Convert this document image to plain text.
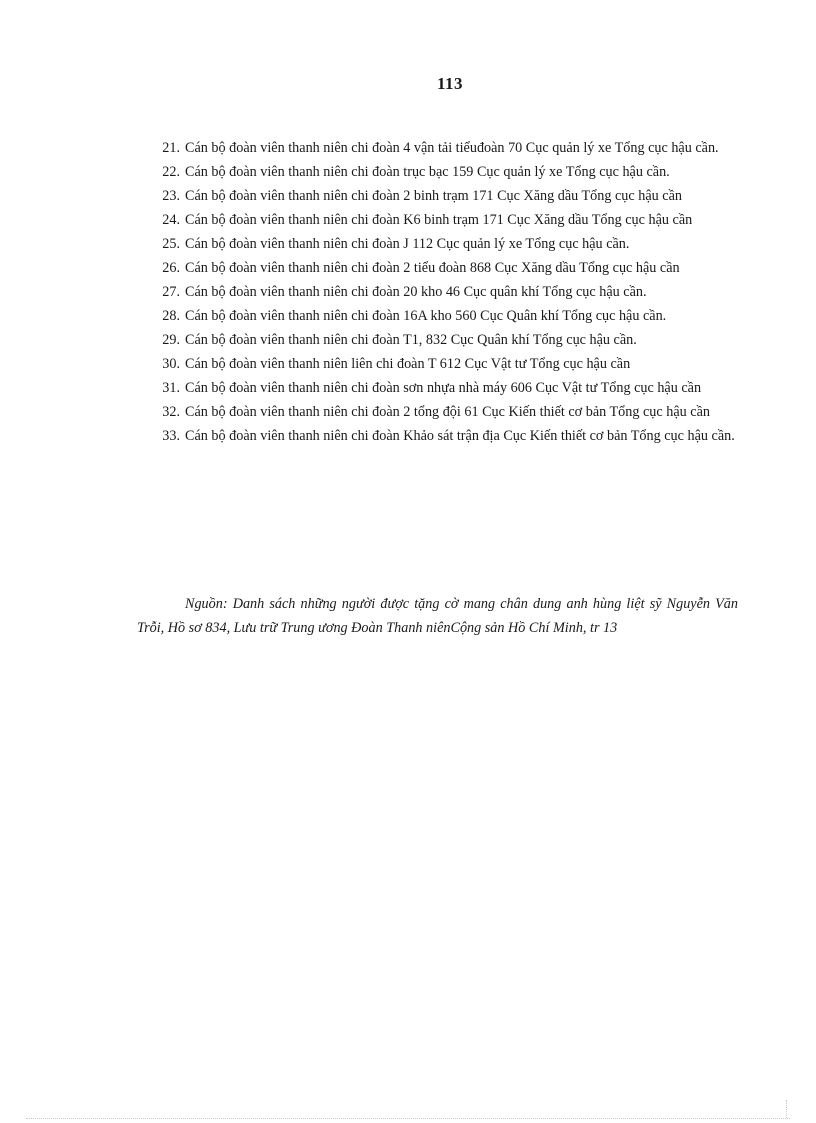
113
21. Cán bộ đoàn viên thanh niên chi đoàn 4 vận tải tiểuđoàn 70 Cục quản lý xe Tổng cục hậu cần.
22. Cán bộ đoàn viên thanh niên chi đoàn trục bạc 159 Cục quản lý xe Tổng cục hậu cần.
23. Cán bộ đoàn viên thanh niên chi đoàn 2 binh trạm 171 Cục Xăng dầu Tổng cục hậu cần
24. Cán bộ đoàn viên thanh niên chi đoàn K6 binh trạm 171 Cục Xăng dầu Tổng cục hậu cần
25. Cán bộ đoàn viên thanh niên chi đoàn J 112 Cục quản lý xe Tổng cục hậu cần.
26. Cán bộ đoàn viên thanh niên chi đoàn 2 tiểu đoàn 868 Cục Xăng dầu Tổng cục hậu cần
27. Cán bộ đoàn viên thanh niên chi đoàn 20 kho 46 Cục quân khí Tổng cục hậu cần.
28. Cán bộ đoàn viên thanh niên chi đoàn 16A kho 560 Cục Quân khí Tổng cục hậu cần.
29. Cán bộ đoàn viên thanh niên chi đoàn T1, 832 Cục Quân khí Tổng cục hậu cần.
30. Cán bộ đoàn viên thanh niên liên chi đoàn T 612 Cục Vật tư Tổng cục hậu cần
31. Cán bộ đoàn viên thanh niên chi đoàn sơn nhựa nhà máy 606 Cục Vật tư Tổng cục hậu cần
32. Cán bộ đoàn viên thanh niên chi đoàn 2 tổng đội 61 Cục Kiến thiết cơ bản Tổng cục hậu cần
33. Cán bộ đoàn viên thanh niên chi đoàn Khảo sát trận địa Cục Kiến thiết cơ bản Tổng cục hậu cần.

Nguồn: Danh sách những người được tặng cờ mang chân dung anh hùng liệt sỹ Nguyễn Văn Trỗi, Hồ sơ 834, Lưu trữ Trung ương Đoàn Thanh niênCộng sản Hồ Chí Minh, tr 13
